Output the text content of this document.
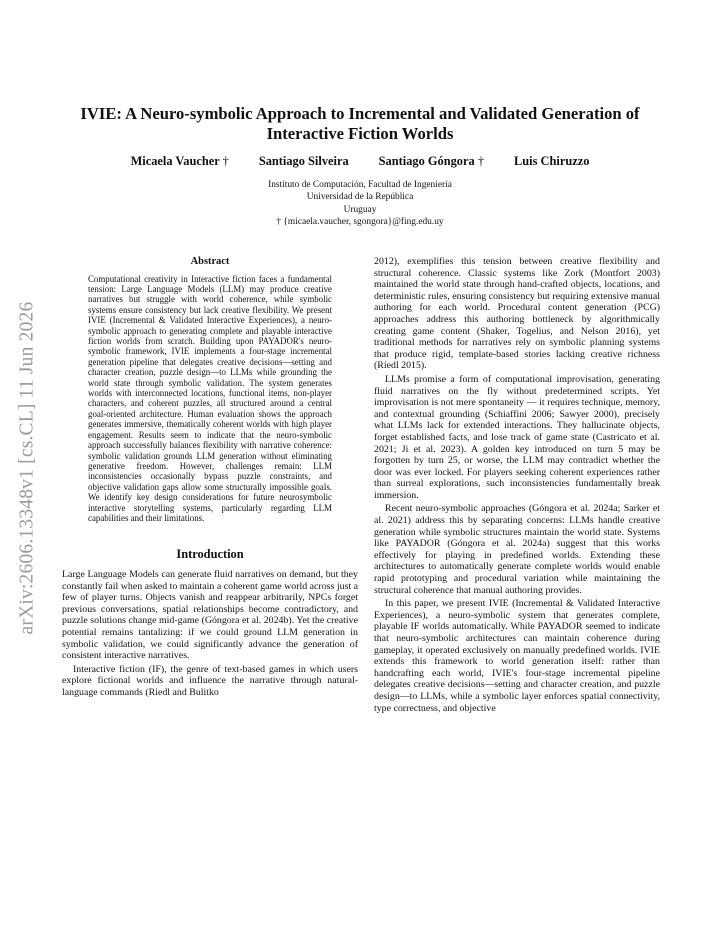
arXiv:2606.13348v1 [cs.CL] 11 Jun 2026
IVIE: A Neuro-symbolic Approach to Incremental and Validated Generation of
Interactive Fiction Worlds
Micaela Vaucher † Santiago Silveira Santiago Góngora † Luis Chiruzzo
Instituto de Computación, Facultad de Ingeniería
Universidad de la República
Uruguay
† {micaela.vaucher, sgongora}@fing.edu.uy
Abstract

Computational creativity in Interactive fiction faces a fundamental tension: Large Language Models (LLM) may produce creative narratives but struggle with world coherence, while symbolic systems ensure consistency but lack creative flexibility. We present IVIE (Incremental & Validated Interactive Experiences), a neuro-symbolic approach to generating complete and playable interactive fiction worlds from scratch. Building upon PAYADOR's neuro-symbolic framework, IVIE implements a four-stage incremental generation pipeline that delegates creative decisions—setting and character creation, puzzle design—to LLMs while grounding the world state through symbolic validation. The system generates worlds with interconnected locations, functional items, non-player characters, and coherent puzzles, all structured around a central goal-oriented architecture. Human evaluation shows the approach generates immersive, thematically coherent worlds with high player engagement. Results seem to indicate that the neuro-symbolic approach successfully balances flexibility with narrative coherence: symbolic validation grounds LLM generation without eliminating generative freedom. However, challenges remain: LLM inconsistencies occasionally bypass puzzle constraints, and objective validation gaps allow some structurally impossible goals. We identify key design considerations for future neurosymbolic interactive storytelling systems, particularly regarding LLM capabilities and their limitations.

Introduction

Large Language Models can generate fluid narratives on demand, but they constantly fail when asked to maintain a coherent game world across just a few of player turns. Objects vanish and reappear arbitrarily, NPCs forget previous conversations, spatial relationships become contradictory, and puzzle solutions change mid-game (Góngora et al. 2024b). Yet the creative potential remains tantalizing: if we could ground LLM generation in symbolic validation, we could significantly advance the generation of consistent interactive narratives.

Interactive fiction (IF), the genre of text-based games in which users explore fictional worlds and influence the narrative through natural-language commands (Riedl and Bulitko

2012), exemplifies this tension between creative flexibility and structural coherence. Classic systems like Zork (Montfort 2003) maintained the world state through hand-crafted objects, locations, and deterministic rules, ensuring consistency but requiring extensive manual authoring for each world. Procedural content generation (PCG) approaches address this authoring bottleneck by algorithmically creating game content (Shaker, Togelius, and Nelson 2016), yet traditional methods for narratives rely on symbolic planning systems that produce rigid, template-based stories lacking creative richness (Riedl 2015).

LLMs promise a form of computational improvisation, generating fluid narratives on the fly without predetermined scripts. Yet improvisation is not mere spontaneity — it requires technique, memory, and contextual grounding (Schiaffini 2006; Sawyer 2000), precisely what LLMs lack for extended interactions. They hallucinate objects, forget established facts, and lose track of game state (Castricato et al. 2021; Ji et al. 2023). A golden key introduced on turn 5 may be forgotten by turn 25, or worse, the LLM may contradict whether the door was ever locked. For players seeking coherent experiences rather than surreal explorations, such inconsistencies fundamentally break immersion.

Recent neuro-symbolic approaches (Góngora et al. 2024a; Sarker et al. 2021) address this by separating concerns: LLMs handle creative generation while symbolic structures maintain the world state. Systems like PAYADOR (Góngora et al. 2024a) suggest that this works effectively for playing in predefined worlds. Extending these architectures to automatically generate complete worlds would enable rapid prototyping and procedural variation while maintaining the structural coherence that manual authoring provides.

In this paper, we present IVIE (Incremental & Validated Interactive Experiences), a neuro-symbolic system that generates complete, playable IF worlds automatically. While PAYADOR seemed to indicate that neuro-symbolic architectures can maintain coherence during gameplay, it operated exclusively on manually predefined worlds. IVIE extends this framework to world generation itself: rather than handcrafting each world, IVIE's four-stage incremental pipeline delegates creative decisions—setting and character creation, and puzzle design—to LLMs, while a symbolic layer enforces spatial connectivity, type correctness, and objective
